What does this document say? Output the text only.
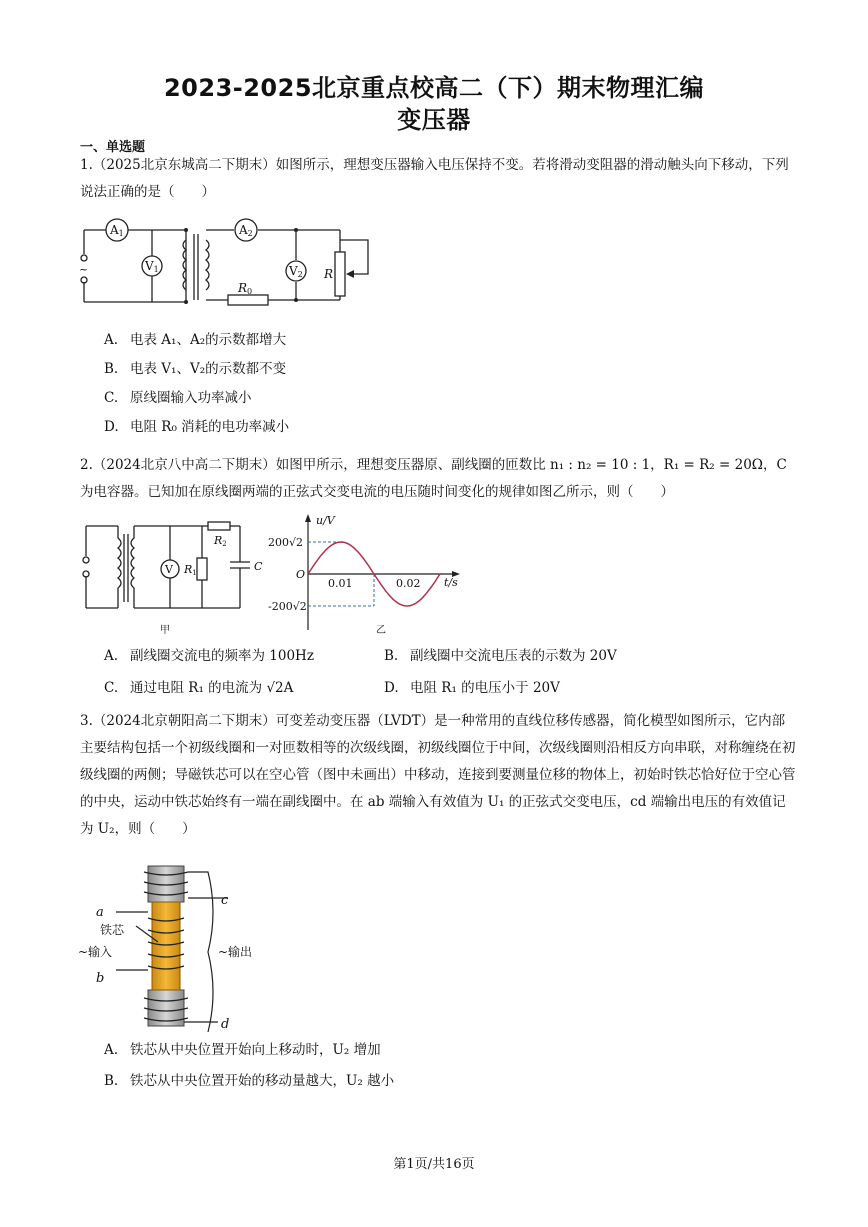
2023-2025北京重点校高二（下）期末物理汇编
变压器
一、单选题
1.（2025北京东城高二下期末）如图所示，理想变压器输入电压保持不变。若将滑动变阻器的滑动触头向下移动，下列说法正确的是（　　）
A1
V1
A2
V2 R
R0
~
A. 电表 A₁、A₂的示数都增大
B. 电表 V₁、V₂的示数都不变
C. 原线圈输入功率减小
D. 电阻 R₀ 消耗的电功率减小
2.（2024北京八中高二下期末）如图甲所示，理想变压器原、副线圈的匝数比 n₁ : n₂ = 10 : 1，R₁ = R₂ = 20Ω，C 为电容器。已知加在原线圈两端的正弦式交变电流的电压随时间变化的规律如图乙所示，则（　　）
V R1
R2
C
甲
u/V
t/s
O
200√2
-200√2
0.01	0.02
乙
A. 副线圈交流电的频率为 100Hz	B. 副线圈中交流电压表的示数为 20V
C. 通过电阻 R₁ 的电流为 √2A	D. 电阻 R₁ 的电压小于 20V
3.（2024北京朝阳高二下期末）可变差动变压器（LVDT）是一种常用的直线位移传感器，简化模型如图所示，它内部主要结构包括一个初级线圈和一对匝数相等的次级线圈，初级线圈位于中间，次级线圈则沿相反方向串联，对称缠绕在初级线圈的两侧；导磁铁芯可以在空心管（图中未画出）中移动，连接到要测量位移的物体上，初始时铁芯恰好位于空心管的中央，运动中铁芯始终有一端在副线圈中。在 ab 端输入有效值为 U₁ 的正弦式交变电压，cd 端输出电压的有效值记为 U₂，则（　　）
a
b
c
d
铁芯
~输入	~输出
A. 铁芯从中央位置开始向上移动时，U₂ 增加
B. 铁芯从中央位置开始的移动量越大，U₂ 越小
第1页/共16页
